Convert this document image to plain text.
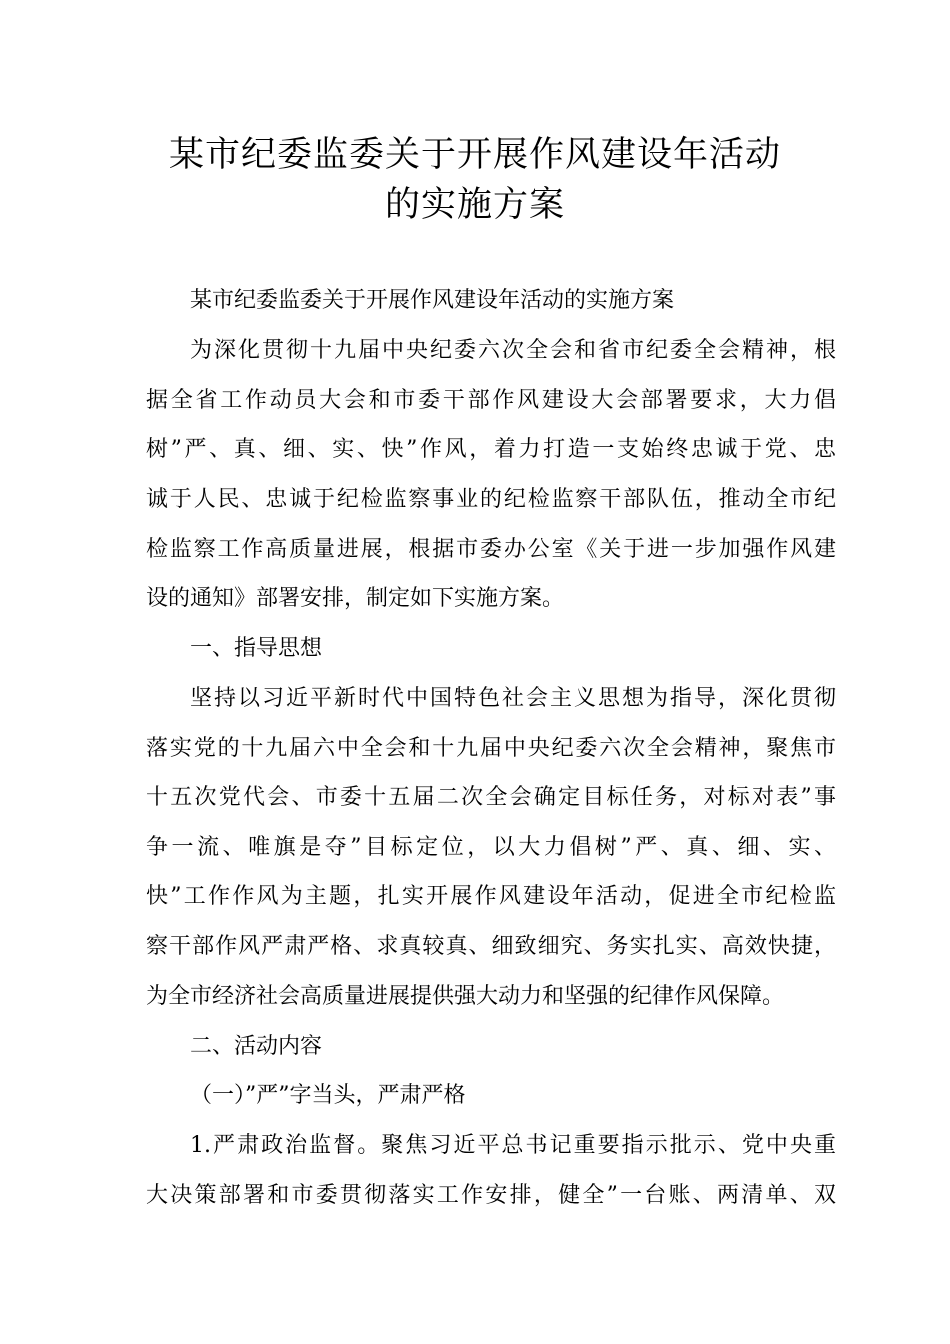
某市纪委监委关于开展作风建设年活动
的实施方案

某市纪委监委关于开展作风建设年活动的实施方案

为深化贯彻十九届中央纪委六次全会和省市纪委全会精神，根

据全省工作动员大会和市委干部作风建设大会部署要求，大力倡

树”严、真、细、实、快”作风，着力打造一支始终忠诚于党、忠

诚于人民、忠诚于纪检监察事业的纪检监察干部队伍，推动全市纪

检监察工作高质量进展，根据市委办公室《关于进一步加强作风建

设的通知》部署安排，制定如下实施方案。

一、指导思想

坚持以习近平新时代中国特色社会主义思想为指导，深化贯彻

落实党的十九届六中全会和十九届中央纪委六次全会精神，聚焦市

十五次党代会、市委十五届二次全会确定目标任务，对标对表”事

争一流、唯旗是夺”目标定位，以大力倡树”严、真、细、实、

快”工作作风为主题，扎实开展作风建设年活动，促进全市纪检监

察干部作风严肃严格、求真较真、细致细究、务实扎实、高效快捷，

为全市经济社会高质量进展提供强大动力和坚强的纪律作风保障。

二、活动内容

（一）”严”字当头，严肃严格

1.严肃政治监督。聚焦习近平总书记重要指示批示、党中央重

大决策部署和市委贯彻落实工作安排，健全”一台账、两清单、双
